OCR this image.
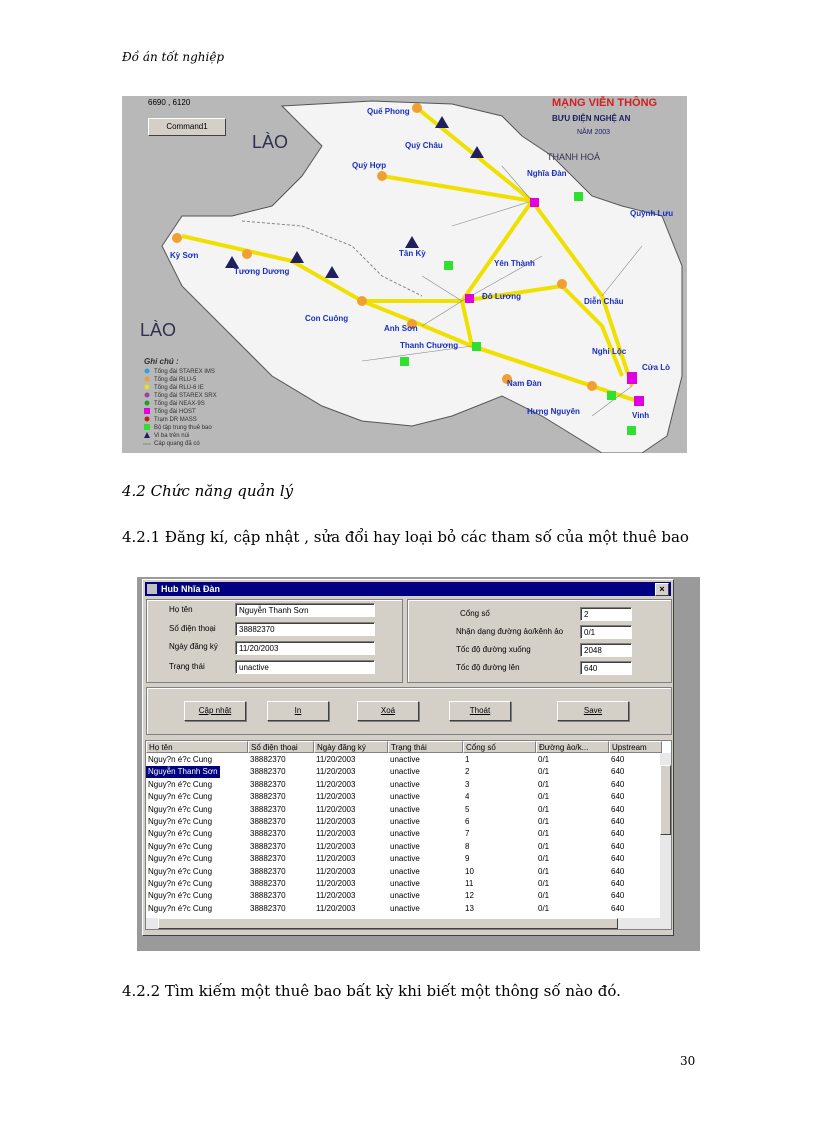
Đồ án tốt nghiệp
MẠNG VIỄN THÔNG
BƯU ĐIỆN NGHỆ AN
NĂM 2003
LÀO
LÀO
THANH HOÁ
Quế Phong
Quỳ Châu
Quỳ Hợp
Nghĩa Đàn
Kỳ Sơn
Tương Dương
Con Cuông
Anh Sơn
Tân Kỳ
Yên Thành
Đô Lương
Diễn Châu
Quỳnh Lưu
Thanh Chương
Nghi Lộc
Cửa Lò
Nam Đàn
Hưng Nguyên	Vinh
Ghi chú :
Tổng đài STAREX IMS
Tổng đài RLU-5
Tổng đài RLU-6 IE
Tổng đài STAREX SRX
Tổng đài NEAX-9S
Tổng đài HOST
Trạm DR MASS
Bộ tập trung thuê bao
Vi ba trên núi
Cáp quang đã có
6690 , 6120
Command1
4.2 Chức năng quản lý
4.2.1 Đăng kí, cập nhật , sửa đổi hay loại bỏ các tham số của một thuê bao
Hub Nhĩa Đàn	×
Họ tên	Nguyễn Thanh Sơn
Số điện thoại	38882370
Ngày đăng ký	11/20/2003
Trạng thái	unactive
Cổng số	2
Nhận dạng đường ảo/kênh ảo	0/1
Tốc độ đường xuống	2048
Tốc độ đường lên	640
Cập nhật	In	Xoá	Thoát	Save
Họ tên	Số điện thoại	Ngày đăng ký	Trạng thái	Cổng số	Đường ảo/k...	Upstream
Nguy?n é?c Cung	38882370	11/20/2003	unactive	1	0/1	640
Nguyễn Thanh Sơn	38882370	11/20/2003	unactive	2	0/1	640
Nguy?n é?c Cung	38882370	11/20/2003	unactive	3	0/1	640
Nguy?n é?c Cung	38882370	11/20/2003	unactive	4	0/1	640
Nguy?n é?c Cung	38882370	11/20/2003	unactive	5	0/1	640
Nguy?n é?c Cung	38882370	11/20/2003	unactive	6	0/1	640
Nguy?n é?c Cung	38882370	11/20/2003	unactive	7	0/1	640
Nguy?n é?c Cung	38882370	11/20/2003	unactive	8	0/1	640
Nguy?n é?c Cung	38882370	11/20/2003	unactive	9	0/1	640
Nguy?n é?c Cung	38882370	11/20/2003	unactive	10	0/1	640
Nguy?n é?c Cung	38882370	11/20/2003	unactive	11	0/1	640
Nguy?n é?c Cung	38882370	11/20/2003	unactive	12	0/1	640
Nguy?n é?c Cung	38882370	11/20/2003	unactive	13	0/1	640
4.2.2 Tìm kiếm một thuê bao bất kỳ khi biết một thông số nào đó.
30
